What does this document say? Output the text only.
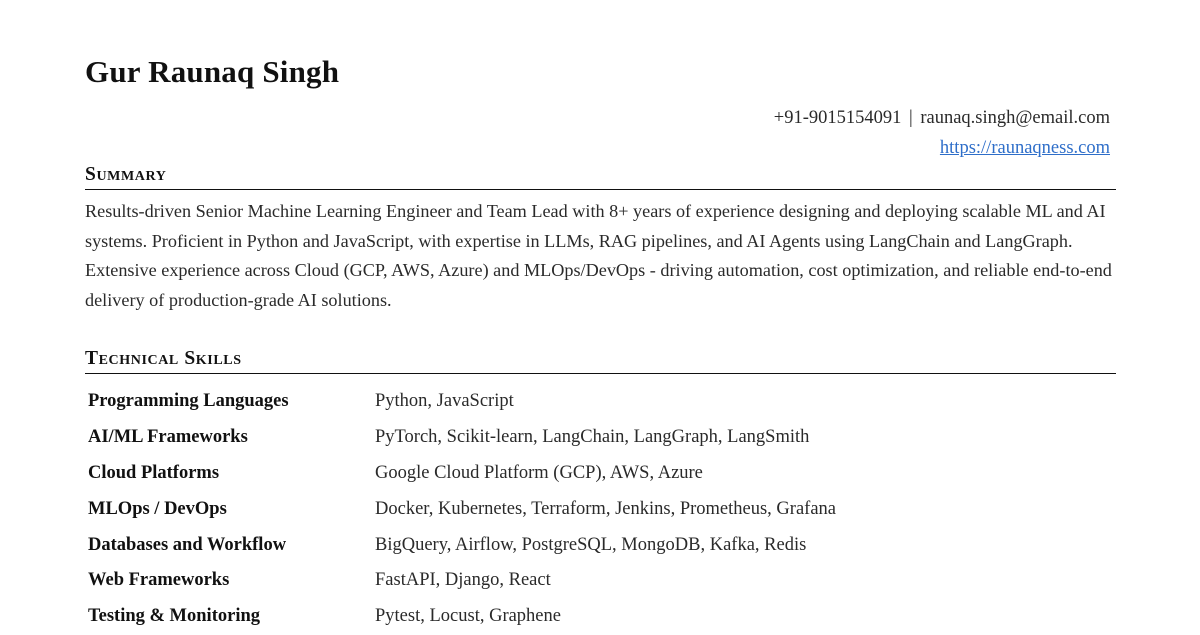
Gur Raunaq Singh
+91-9015154091 | raunaq.singh@email.com
https://raunaqness.com
Summary

Results-driven Senior Machine Learning Engineer and Team Lead with 8+ years of experience designing and deploying scalable ML and AI systems. Proficient in Python and JavaScript, with expertise in LLMs, RAG pipelines, and AI Agents using LangChain and LangGraph. Extensive experience across Cloud (GCP, AWS, Azure) and MLOps/DevOps - driving automation, cost optimization, and reliable end-to-end delivery of production-grade AI solutions.

Technical Skills
Programming Languages	Python, JavaScript
AI/ML Frameworks	PyTorch, Scikit-learn, LangChain, LangGraph, LangSmith
Cloud Platforms	Google Cloud Platform (GCP), AWS, Azure
MLOps / DevOps	Docker, Kubernetes, Terraform, Jenkins, Prometheus, Grafana
Databases and Workflow	BigQuery, Airflow, PostgreSQL, MongoDB, Kafka, Redis
Web Frameworks	FastAPI, Django, React
Testing & Monitoring	Pytest, Locust, Graphene
